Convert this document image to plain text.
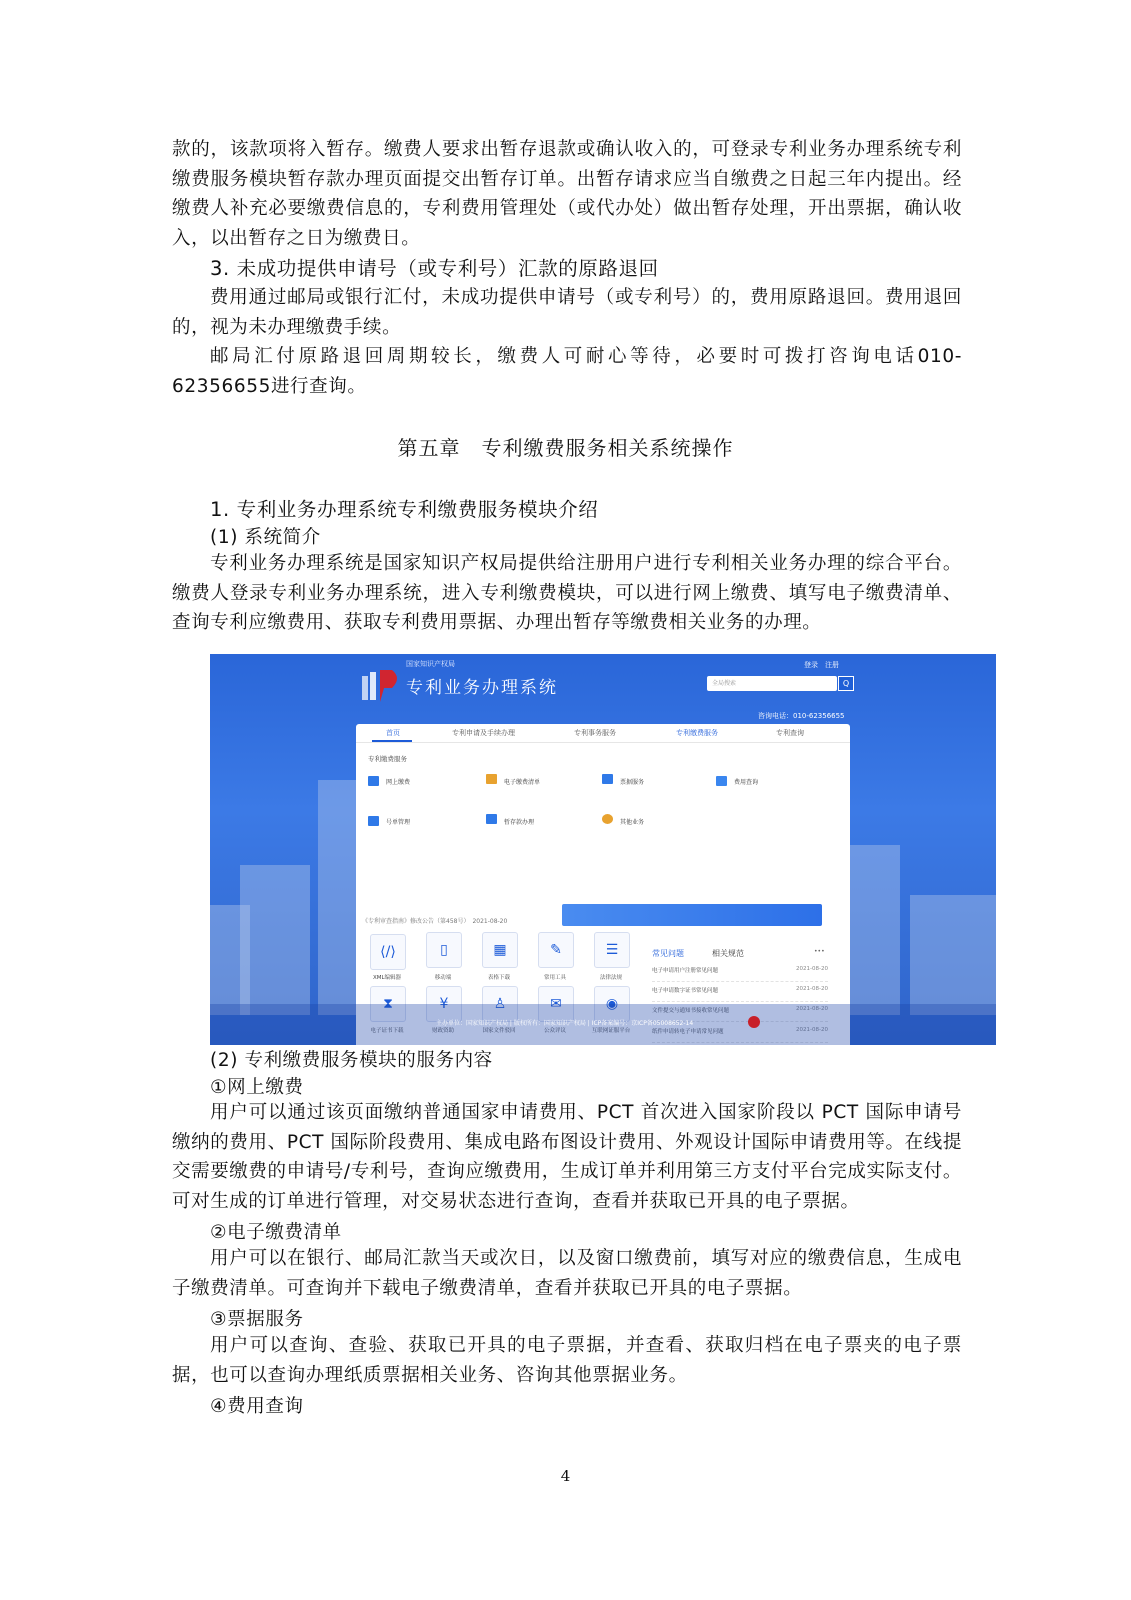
款的，该款项将入暂存。缴费人要求出暂存退款或确认收入的，可登录专利业务办理系统专利缴费服务模块暂存款办理页面提交出暂存订单。出暂存请求应当自缴费之日起三年内提出。经缴费人补充必要缴费信息的，专利费用管理处（或代办处）做出暂存处理，开出票据，确认收入，以出暂存之日为缴费日。

3. 未成功提供申请号（或专利号）汇款的原路退回

费用通过邮局或银行汇付，未成功提供申请号（或专利号）的，费用原路退回。费用退回的，视为未办理缴费手续。

邮局汇付原路退回周期较长，缴费人可耐心等待，必要时可拨打咨询电话010-62356655进行查询。

第五章　专利缴费服务相关系统操作
1. 专利业务办理系统专利缴费服务模块介绍
(1) 系统简介

专利业务办理系统是国家知识产权局提供给注册用户进行专利相关业务办理的综合平台。缴费人登录专利业务办理系统，进入专利缴费模块，可以进行网上缴费、填写电子缴费清单、查询专利应缴费用、获取专利费用票据、办理出暂存等缴费相关业务的办理。

国家知识产权局
专利业务办理系统
登录　注册
全局搜索	Q
咨询电话：010-62356655
首页	专利申请及手续办理	专利事务服务	专利缴费服务	专利查询
专利缴费服务
网上缴费	电子缴费清单	票据服务	费用查询
号单管理	暂存款办理	其他业务
《专利审查指南》修改公告（第458号）　2021-08-20
⟨/⟩
XML编辑器
▯
移动端
▦
表格下载
✎
常用工具
☰
法律法规
⧗
电子证书下载
¥
财政资助
♙
国家文件驳回
✉
公众评议
◉
互联网证服平台
常见问题	相关规范	•••
电子申请用户注册常见问题	2021-08-20
电子申请数字证书常见问题	2021-08-20
文件提交与通知书接收常见问题	2021-08-20
纸件申请转电子申请常见问题	2021-08-20
主办单位：国家知识产权局 | 版权所有：国家知识产权局 | ICP备案编号：京ICP备05008652-14
(2) 专利缴费服务模块的服务内容
①网上缴费

用户可以通过该页面缴纳普通国家申请费用、PCT 首次进入国家阶段以 PCT 国际申请号缴纳的费用、PCT 国际阶段费用、集成电路布图设计费用、外观设计国际申请费用等。在线提交需要缴费的申请号/专利号，查询应缴费用，生成订单并利用第三方支付平台完成实际支付。可对生成的订单进行管理，对交易状态进行查询，查看并获取已开具的电子票据。

②电子缴费清单

用户可以在银行、邮局汇款当天或次日，以及窗口缴费前，填写对应的缴费信息，生成电子缴费清单。可查询并下载电子缴费清单，查看并获取已开具的电子票据。

③票据服务

用户可以查询、查验、获取已开具的电子票据，并查看、获取归档在电子票夹的电子票据，也可以查询办理纸质票据相关业务、咨询其他票据业务。

④费用查询
4
